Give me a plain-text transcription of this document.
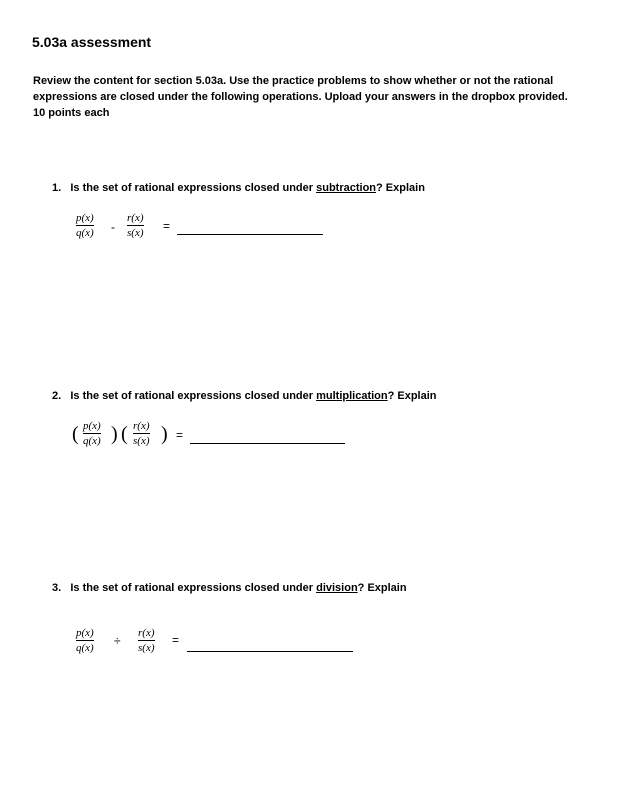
5.03a assessment
Review the content for section 5.03a. Use the practice problems to show whether or not the rational
expressions are closed under the following operations. Upload your answers in the dropbox provided.
10 points each
1. Is the set of rational expressions closed under subtraction? Explain
p(x)
q(x) -
r(x)
s(x) =
2. Is the set of rational expressions closed under multiplication? Explain
( p(x)
q(x) ) ( r(x)
s(x) ) =
3. Is the set of rational expressions closed under division? Explain
p(x)
q(x) ÷
r(x)
s(x)
=
